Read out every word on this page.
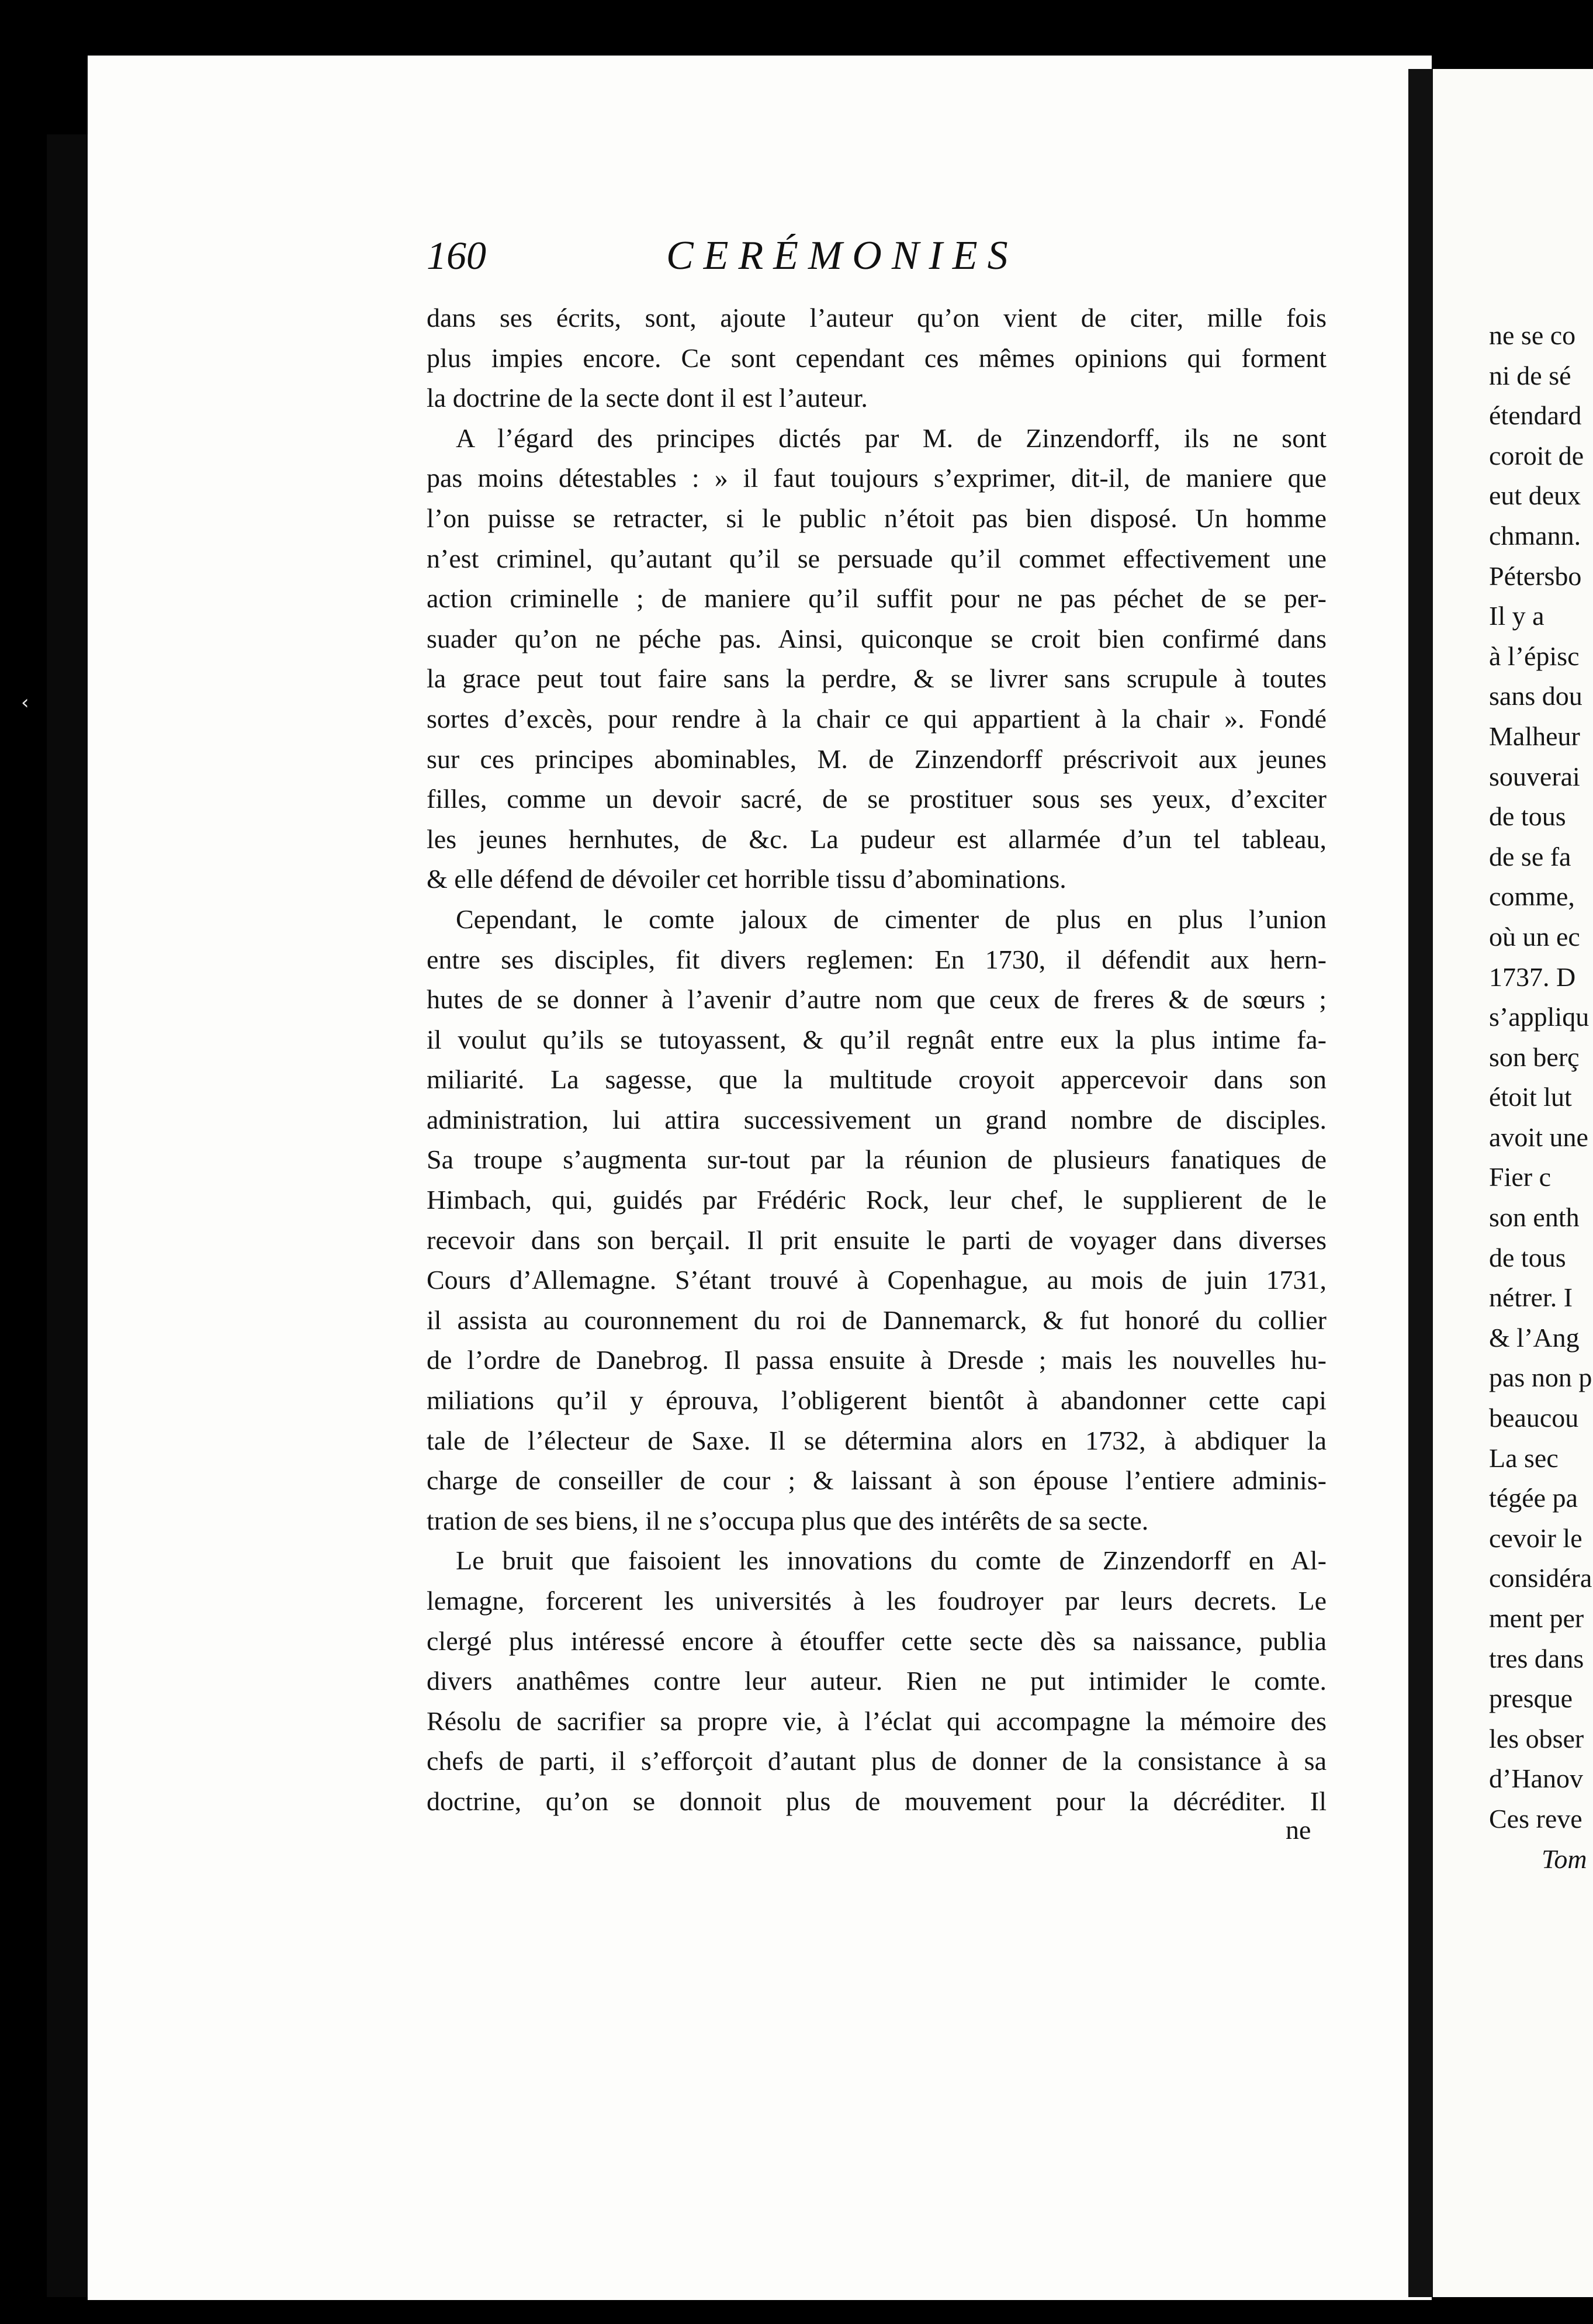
160	CERÉMONIES
dans ses écrits, sont, ajoute l’auteur qu’on vient de citer, mille fois
plus impies encore. Ce sont cependant ces mêmes opinions qui forment
la doctrine de la secte dont il est l’auteur.
A l’égard des principes dictés par M. de Zinzendorff, ils ne sont
pas moins détestables : » il faut toujours s’exprimer, dit-il, de maniere que
l’on puisse se retracter, si le public n’étoit pas bien disposé. Un homme
n’est criminel, qu’autant qu’il se persuade qu’il commet effectivement une
action criminelle ; de maniere qu’il suffit pour ne pas péchet de se per-
suader qu’on ne péche pas. Ainsi, quiconque se croit bien confirmé dans
la grace peut tout faire sans la perdre, & se livrer sans scrupule à toutes
sortes d’excès, pour rendre à la chair ce qui appartient à la chair ». Fondé
sur ces principes abominables, M. de Zinzendorff préscrivoit aux jeunes
filles, comme un devoir sacré, de se prostituer sous ses yeux, d’exciter
les jeunes hernhutes, de &c. La pudeur est allarmée d’un tel tableau,
& elle défend de dévoiler cet horrible tissu d’abominations.
Cependant, le comte jaloux de cimenter de plus en plus l’union
entre ses disciples, fit divers reglemen: En 1730, il défendit aux hern-
hutes de se donner à l’avenir d’autre nom que ceux de freres & de sœurs ;
il voulut qu’ils se tutoyassent, & qu’il regnât entre eux la plus intime fa-
miliarité. La sagesse, que la multitude croyoit appercevoir dans son
administration, lui attira successivement un grand nombre de disciples.
Sa troupe s’augmenta sur-tout par la réunion de plusieurs fanatiques de
Himbach, qui, guidés par Frédéric Rock, leur chef, le supplierent de le
recevoir dans son berçail. Il prit ensuite le parti de voyager dans diverses
Cours d’Allemagne. S’étant trouvé à Copenhague, au mois de juin 1731,
il assista au couronnement du roi de Dannemarck, & fut honoré du collier
de l’ordre de Danebrog. Il passa ensuite à Dresde ; mais les nouvelles hu-
miliations qu’il y éprouva, l’obligerent bientôt à abandonner cette capi
tale de l’électeur de Saxe. Il se détermina alors en 1732, à abdiquer la
charge de conseiller de cour ; & laissant à son épouse l’entiere adminis-
tration de ses biens, il ne s’occupa plus que des intérêts de sa secte.
Le bruit que faisoient les innovations du comte de Zinzendorff en Al-
lemagne, forcerent les universités à les foudroyer par leurs decrets. Le
clergé plus intéressé encore à étouffer cette secte dès sa naissance, publia
divers anathêmes contre leur auteur. Rien ne put intimider le comte.
Résolu de sacrifier sa propre vie, à l’éclat qui accompagne la mémoire des
chefs de parti, il s’efforçoit d’autant plus de donner de la consistance à sa
doctrine, qu’on se donnoit plus de mouvement pour la décréditer. Il
ne
ne se co
ni de sé
étendard
coroit de
eut deux
chmann.
Pétersbo
Il y a
à l’épisc
sans dou
Malheur
souverai
de tous
de se fa
comme,
où un ec
1737. D
s’appliqu
son berç
étoit lut
avoit une
Fier c
son enth
de tous
nétrer. I
& l’Ang
pas non p
beaucou
La sec
tégée pa
cevoir le
considéra
ment per
tres dans
presque
les obser
d’Hanov
Ces reve
Tom
‹
